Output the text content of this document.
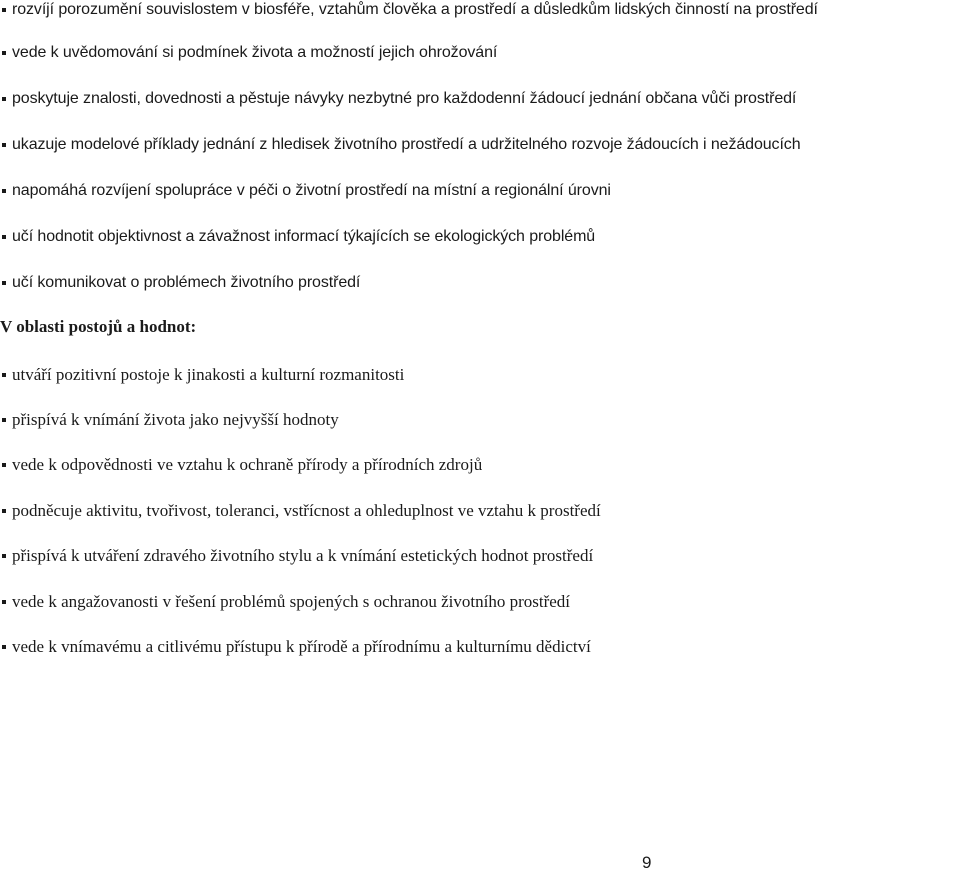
rozvíjí porozumění souvislostem v biosféře, vztahům člověka a prostředí a důsledkům lidských činností na prostředí
vede k uvědomování si podmínek života a možností jejich ohrožování
poskytuje znalosti, dovednosti a pěstuje návyky nezbytné pro každodenní žádoucí jednání občana vůči prostředí
ukazuje modelové příklady jednání z hledisek životního prostředí a udržitelného rozvoje žádoucích i nežádoucích
napomáhá rozvíjení spolupráce v péči o životní prostředí na místní a regionální úrovni
učí hodnotit objektivnost a závažnost informací týkajících se ekologických problémů
učí komunikovat o problémech životního prostředí
V oblasti postojů a hodnot:
utváří pozitivní postoje k jinakosti a kulturní rozmanitosti
přispívá k vnímání života jako nejvyšší hodnoty
vede k odpovědnosti ve vztahu k ochraně přírody a přírodních zdrojů
podněcuje aktivitu, tvořivost, toleranci, vstřícnost a ohleduplnost ve vztahu k prostředí
přispívá k utváření zdravého životního stylu a k vnímání estetických hodnot prostředí
vede k angažovanosti v řešení problémů spojených s ochranou životního prostředí
vede k vnímavému a citlivému přístupu k přírodě a přírodnímu a kulturnímu dědictví
9
